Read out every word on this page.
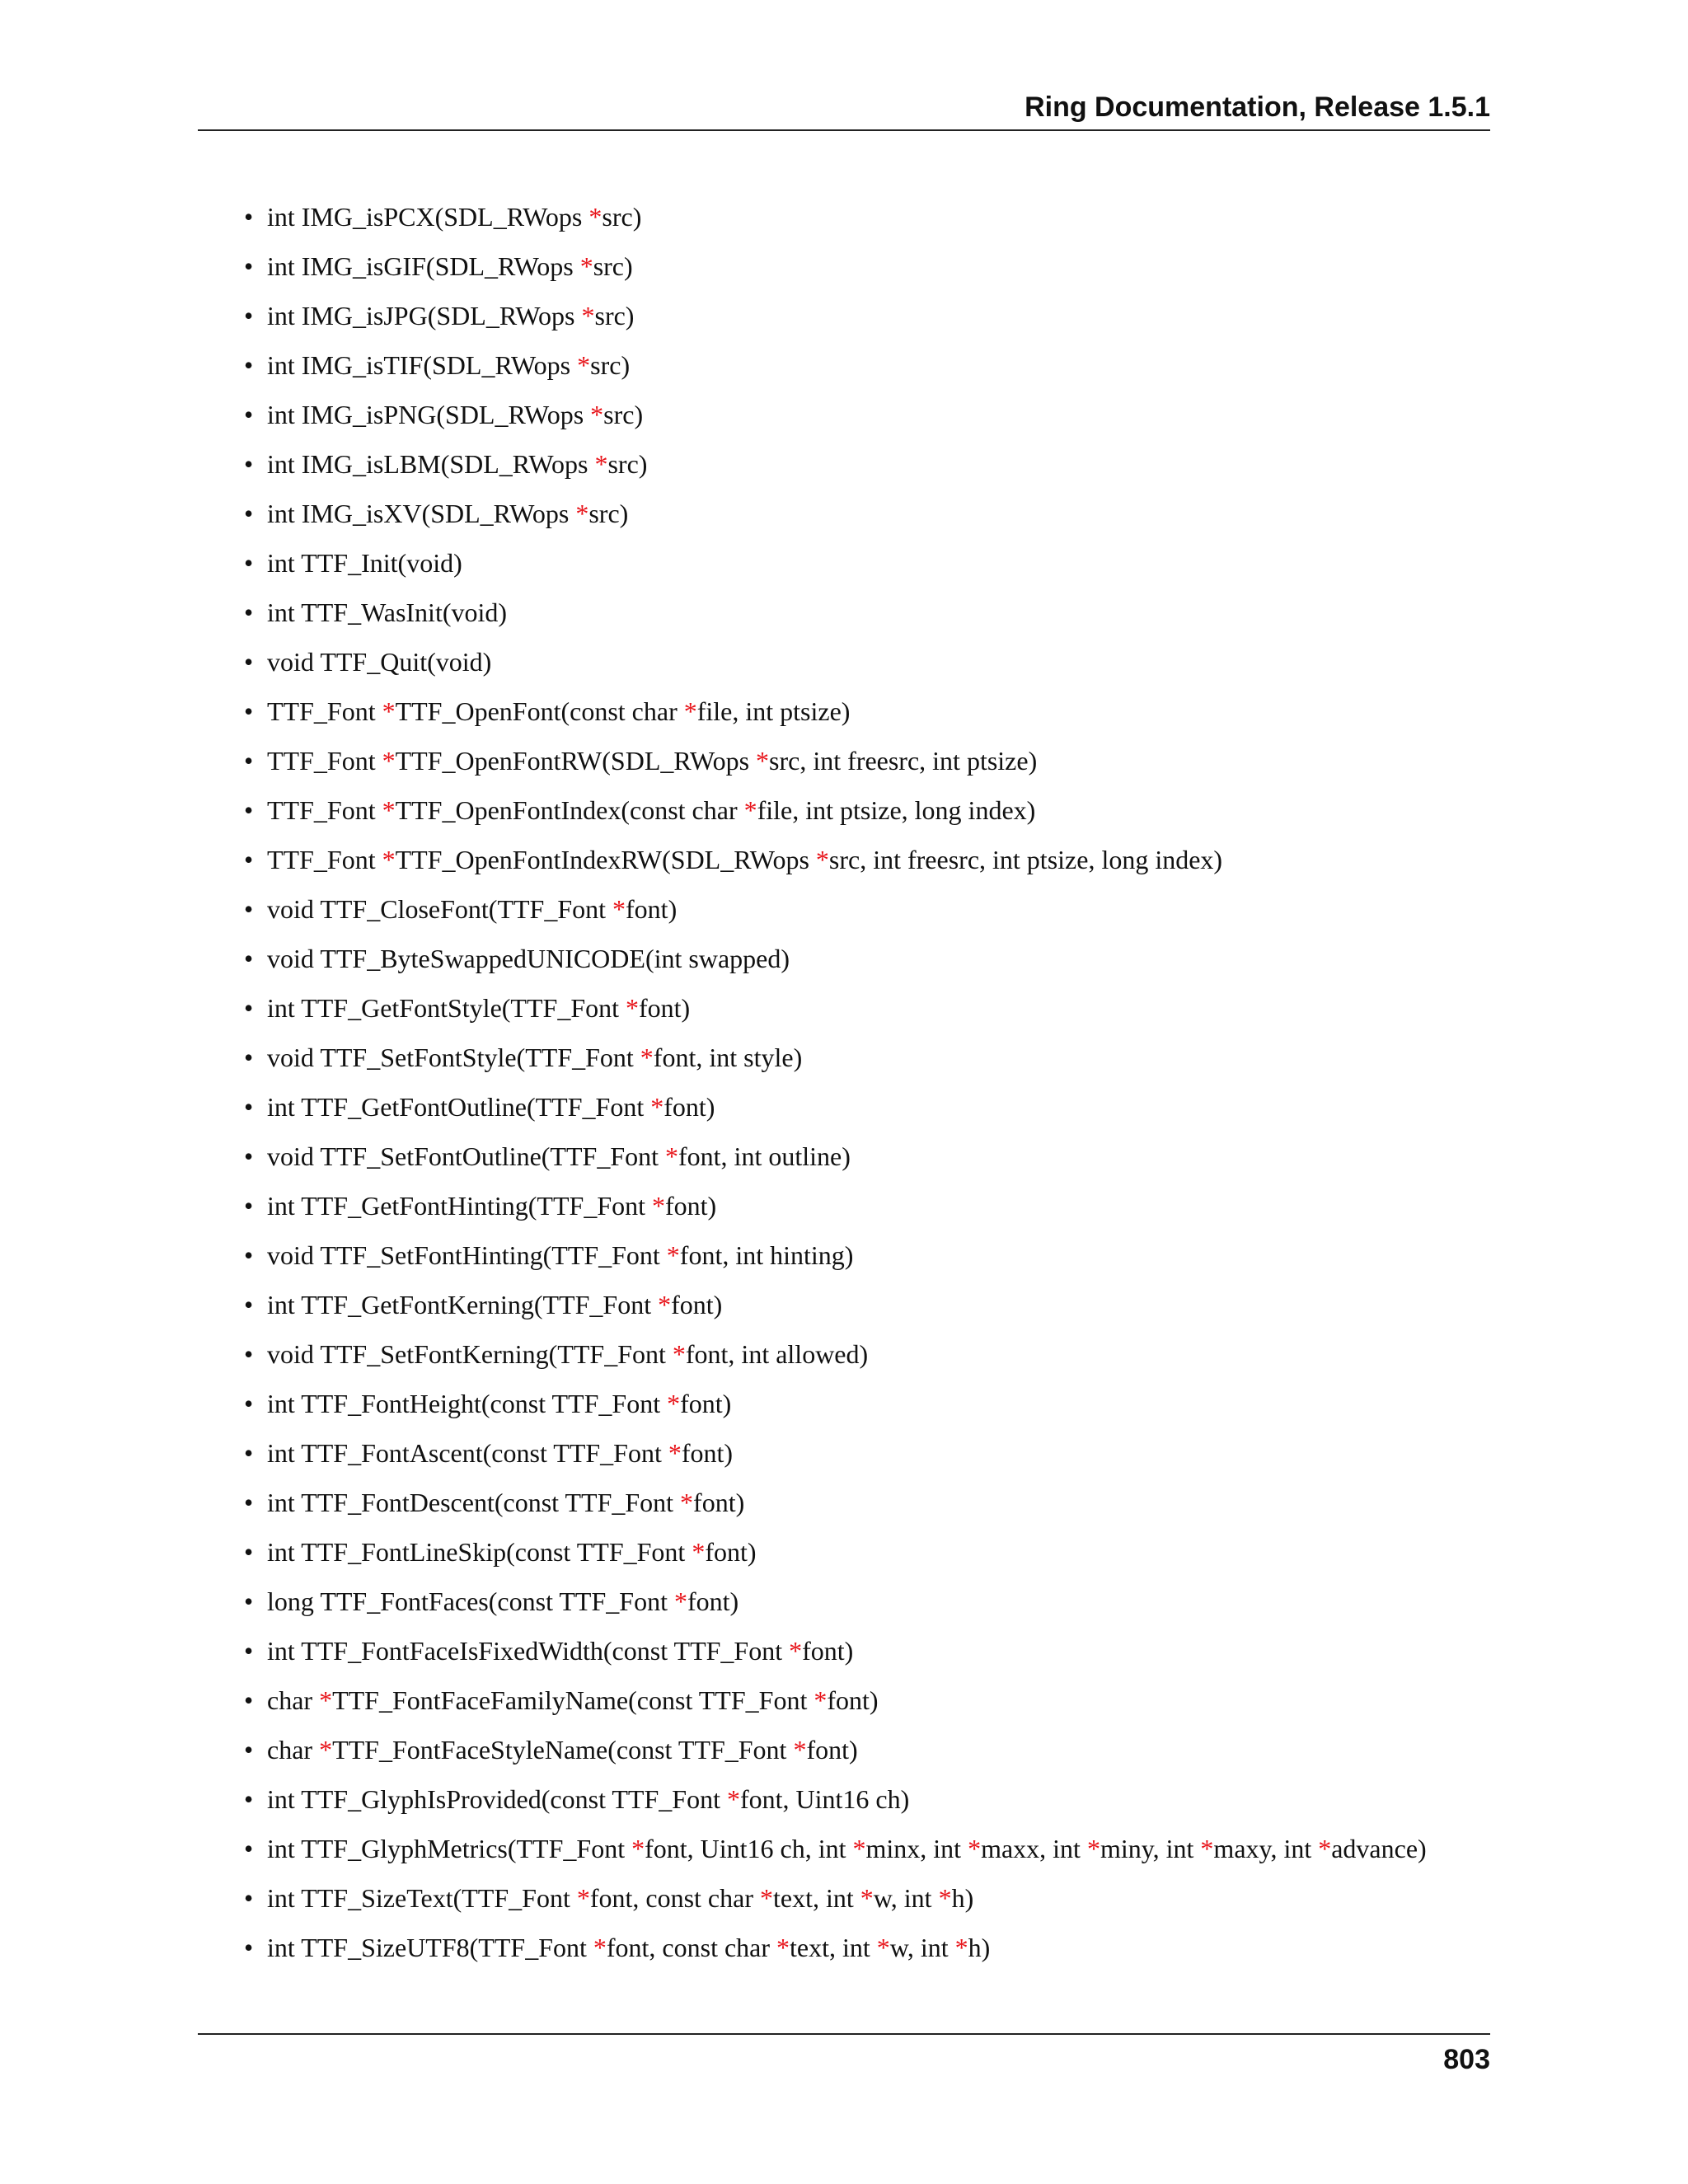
Ring Documentation, Release 1.5.1
• int IMG_isPCX(SDL_RWops *src)
• int IMG_isGIF(SDL_RWops *src)
• int IMG_isJPG(SDL_RWops *src)
• int IMG_isTIF(SDL_RWops *src)
• int IMG_isPNG(SDL_RWops *src)
• int IMG_isLBM(SDL_RWops *src)
• int IMG_isXV(SDL_RWops *src)
• int TTF_Init(void)
• int TTF_WasInit(void)
• void TTF_Quit(void)
• TTF_Font *TTF_OpenFont(const char *file, int ptsize)
• TTF_Font *TTF_OpenFontRW(SDL_RWops *src, int freesrc, int ptsize)
• TTF_Font *TTF_OpenFontIndex(const char *file, int ptsize, long index)
• TTF_Font *TTF_OpenFontIndexRW(SDL_RWops *src, int freesrc, int ptsize, long index)
• void TTF_CloseFont(TTF_Font *font)
• void TTF_ByteSwappedUNICODE(int swapped)
• int TTF_GetFontStyle(TTF_Font *font)
• void TTF_SetFontStyle(TTF_Font *font, int style)
• int TTF_GetFontOutline(TTF_Font *font)
• void TTF_SetFontOutline(TTF_Font *font, int outline)
• int TTF_GetFontHinting(TTF_Font *font)
• void TTF_SetFontHinting(TTF_Font *font, int hinting)
• int TTF_GetFontKerning(TTF_Font *font)
• void TTF_SetFontKerning(TTF_Font *font, int allowed)
• int TTF_FontHeight(const TTF_Font *font)
• int TTF_FontAscent(const TTF_Font *font)
• int TTF_FontDescent(const TTF_Font *font)
• int TTF_FontLineSkip(const TTF_Font *font)
• long TTF_FontFaces(const TTF_Font *font)
• int TTF_FontFaceIsFixedWidth(const TTF_Font *font)
• char *TTF_FontFaceFamilyName(const TTF_Font *font)
• char *TTF_FontFaceStyleName(const TTF_Font *font)
• int TTF_GlyphIsProvided(const TTF_Font *font, Uint16 ch)
• int TTF_GlyphMetrics(TTF_Font *font, Uint16 ch, int *minx, int *maxx, int *miny, int *maxy, int *advance)
• int TTF_SizeText(TTF_Font *font, const char *text, int *w, int *h)
• int TTF_SizeUTF8(TTF_Font *font, const char *text, int *w, int *h)
803
